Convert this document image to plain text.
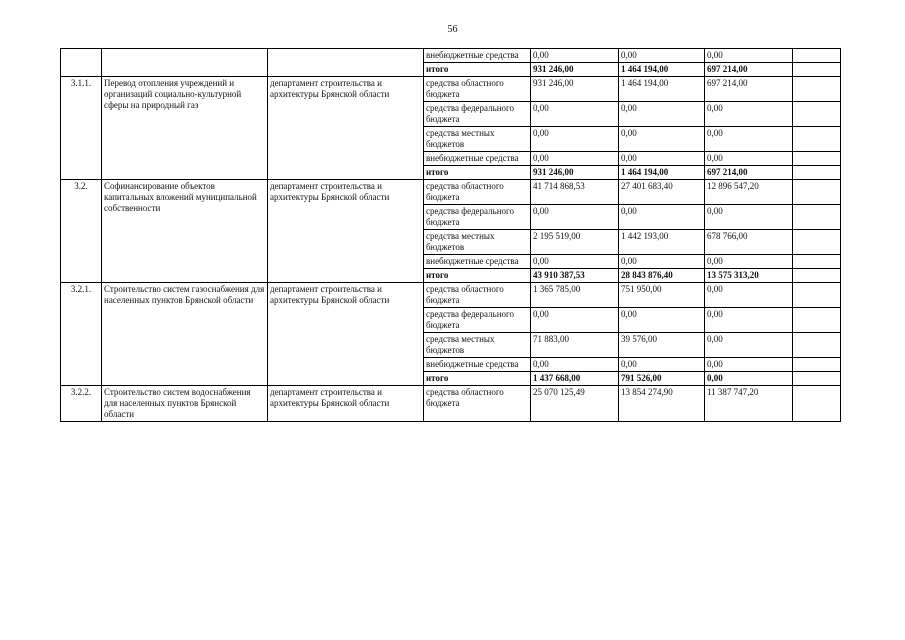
56
			внебюджетные средства	0,00	0,00	0,00	
			итого	931 246,00	1 464 194,00	697 214,00	
3.1.1.	Перевод отопления учреждений и организаций социально-культурной сферы на природный газ	департамент строительства и архитектуры Брянской области	средства областного бюджета	931 246,00	1 464 194,00	697 214,00	
			средства федерального бюджета	0,00	0,00	0,00	
			средства местных бюджетов	0,00	0,00	0,00	
			внебюджетные средства	0,00	0,00	0,00	
			итого	931 246,00	1 464 194,00	697 214,00	
3.2.	Софинансирование объектов капитальных вложений муниципальной собственности	департамент строительства и архитектуры Брянской области	средства областного бюджета	41 714 868,53	27 401 683,40	12 896 547,20	
			средства федерального бюджета	0,00	0,00	0,00	
			средства местных бюджетов	2 195 519,00	1 442 193,00	678 766,00	
			внебюджетные средства	0,00	0,00	0,00	
			итого	43 910 387,53	28 843 876,40	13 575 313,20	
3.2.1.	Строительство систем газоснабжения для населенных пунктов Брянской области	департамент строительства и архитектуры Брянской области	средства областного бюджета	1 365 785,00	751 950,00	0,00	
			средства федерального бюджета	0,00	0,00	0,00	
			средства местных бюджетов	71 883,00	39 576,00	0,00	
			внебюджетные средства	0,00	0,00	0,00	
			итого	1 437 668,00	791 526,00	0,00	
3.2.2.	Строительство систем водоснабжения для населенных пунктов Брянской области	департамент строительства и архитектуры Брянской области	средства областного бюджета	25 070 125,49	13 854 274,90	11 387 747,20	
